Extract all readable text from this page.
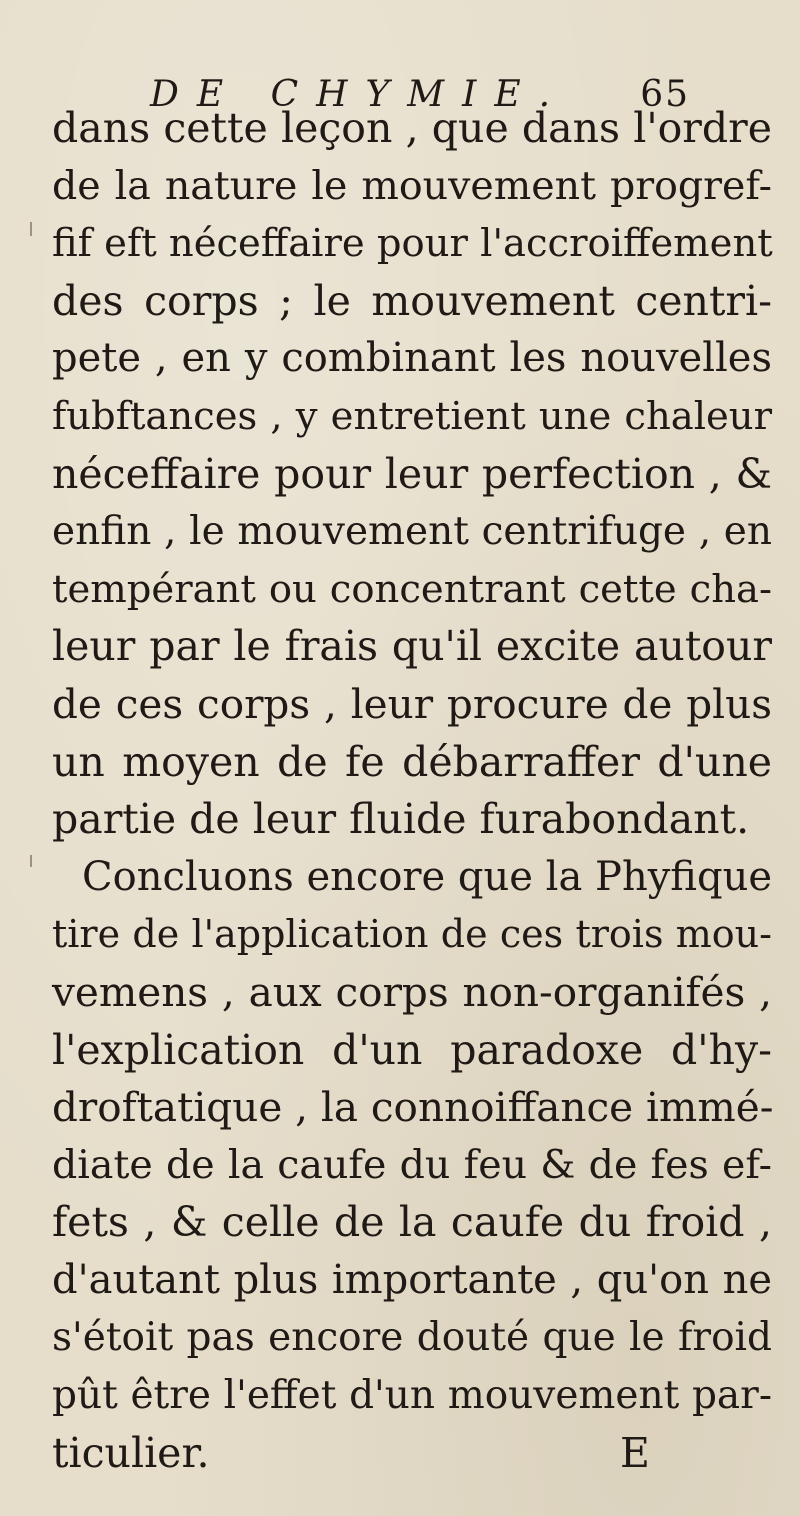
DE CHYMIE. 65
dans cette leçon , que dans l'ordre
de la nature le mouvement progref-
fif eft néceffaire pour l'accroiffement
des corps ; le mouvement centri-
pete , en y combinant les nouvelles
fubftances , y entretient une chaleur
néceffaire pour leur perfection , &
enfin , le mouvement centrifuge , en
tempérant ou concentrant cette cha-
leur par le frais qu'il excite autour
de ces corps , leur procure de plus
un moyen de fe débarraffer d'une
partie de leur fluide furabondant.
Concluons encore que la Phyfique
tire de l'application de ces trois mou-
vemens , aux corps non-organifés ,
l'explication d'un paradoxe d'hy-
droftatique , la connoiffance immé-
diate de la caufe du feu & de fes ef-
fets , & celle de la caufe du froid ,
d'autant plus importante , qu'on ne
s'étoit pas encore douté que le froid
pût être l'effet d'un mouvement par-
ticulier.	E
